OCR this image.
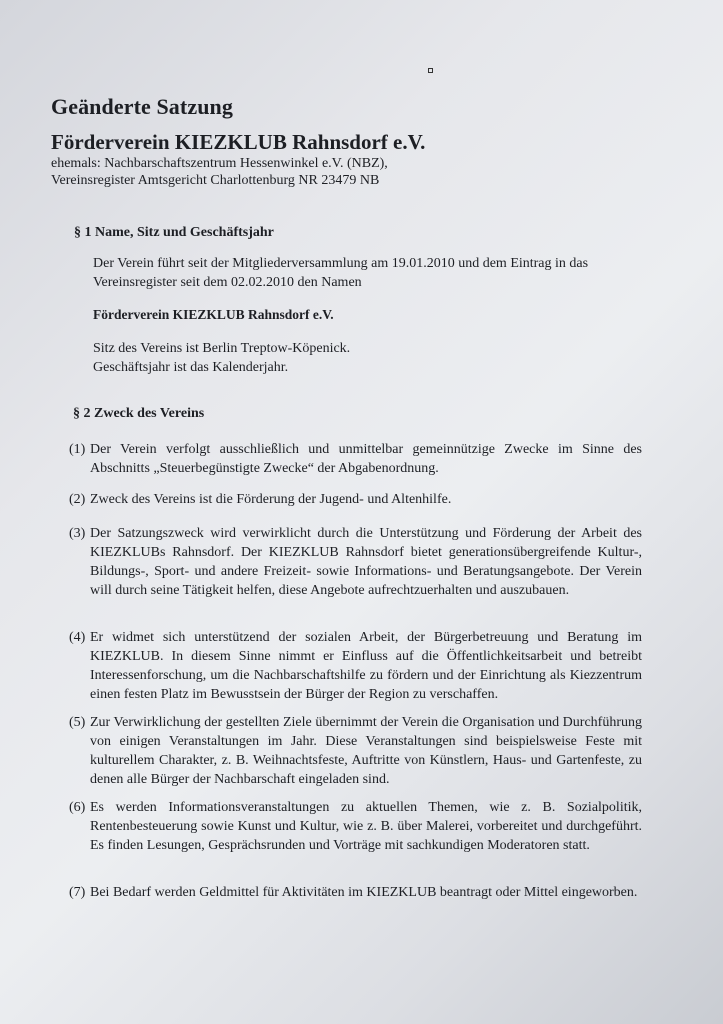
Geänderte Satzung
Förderverein KIEZKLUB Rahnsdorf e.V.
ehemals: Nachbarschaftszentrum Hessenwinkel e.V. (NBZ),
Vereinsregister Amtsgericht Charlottenburg NR 23479 NB
§ 1 Name, Sitz und Geschäftsjahr
Der Verein führt seit der Mitgliederversammlung am 19.01.2010 und dem Eintrag in das
Vereinsregister seit dem 02.02.2010 den Namen
Förderverein KIEZKLUB Rahnsdorf e.V.
Sitz des Vereins ist Berlin Treptow-Köpenick.
Geschäftsjahr ist das Kalenderjahr.
§ 2 Zweck des Vereins
(1) Der Verein verfolgt ausschließlich und unmittelbar gemeinnützige Zwecke im Sinne des Abschnitts „Steuerbegünstigte Zwecke“ der Abgabenordnung.
(2) Zweck des Vereins ist die Förderung der Jugend- und Altenhilfe.
(3) Der Satzungszweck wird verwirklicht durch die Unterstützung und Förderung der Arbeit des KIEZKLUBs Rahnsdorf. Der KIEZKLUB Rahnsdorf bietet generationsübergreifende Kultur-, Bildungs-, Sport- und andere Freizeit- sowie Informations- und Beratungsangebote. Der Verein will durch seine Tätigkeit helfen, diese Angebote aufrechtzuerhalten und auszubauen.
(4) Er widmet sich unterstützend der sozialen Arbeit, der Bürgerbetreuung und Beratung im KIEZKLUB. In diesem Sinne nimmt er Einfluss auf die Öffentlichkeitsarbeit und betreibt Interessenforschung, um die Nachbarschaftshilfe zu fördern und der Einrichtung als Kiezzentrum einen festen Platz im Bewusstsein der Bürger der Region zu verschaffen.
(5) Zur Verwirklichung der gestellten Ziele übernimmt der Verein die Organisation und Durchführung von einigen Veranstaltungen im Jahr. Diese Veranstaltungen sind beispielsweise Feste mit kulturellem Charakter, z. B. Weihnachtsfeste, Auftritte von Künstlern, Haus- und Gartenfeste, zu denen alle Bürger der Nachbarschaft eingeladen sind.
(6) Es werden Informationsveranstaltungen zu aktuellen Themen, wie z. B. Sozialpolitik, Rentenbesteuerung sowie Kunst und Kultur, wie z. B. über Malerei, vorbereitet und durchgeführt. Es finden Lesungen, Gesprächsrunden und Vorträge mit sachkundigen Moderatoren statt.
(7) Bei Bedarf werden Geldmittel für Aktivitäten im KIEZKLUB beantragt oder Mittel eingeworben.
